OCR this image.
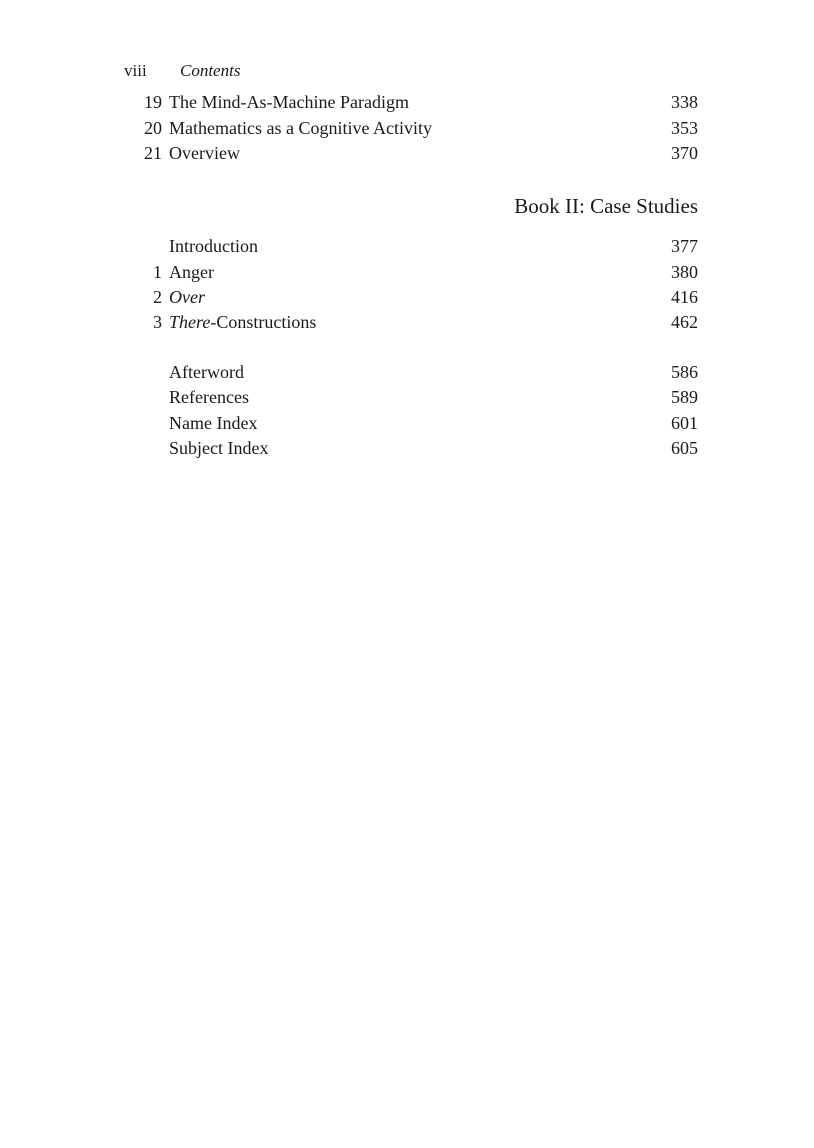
viii Contents
19 The Mind-As-Machine Paradigm	338
20 Mathematics as a Cognitive Activity	353
21 Overview	370
Book II: Case Studies
Introduction	377
1 Anger	380
2 Over	416
3 There-Constructions	462
Afterword	586
References	589
Name Index	601
Subject Index	605
